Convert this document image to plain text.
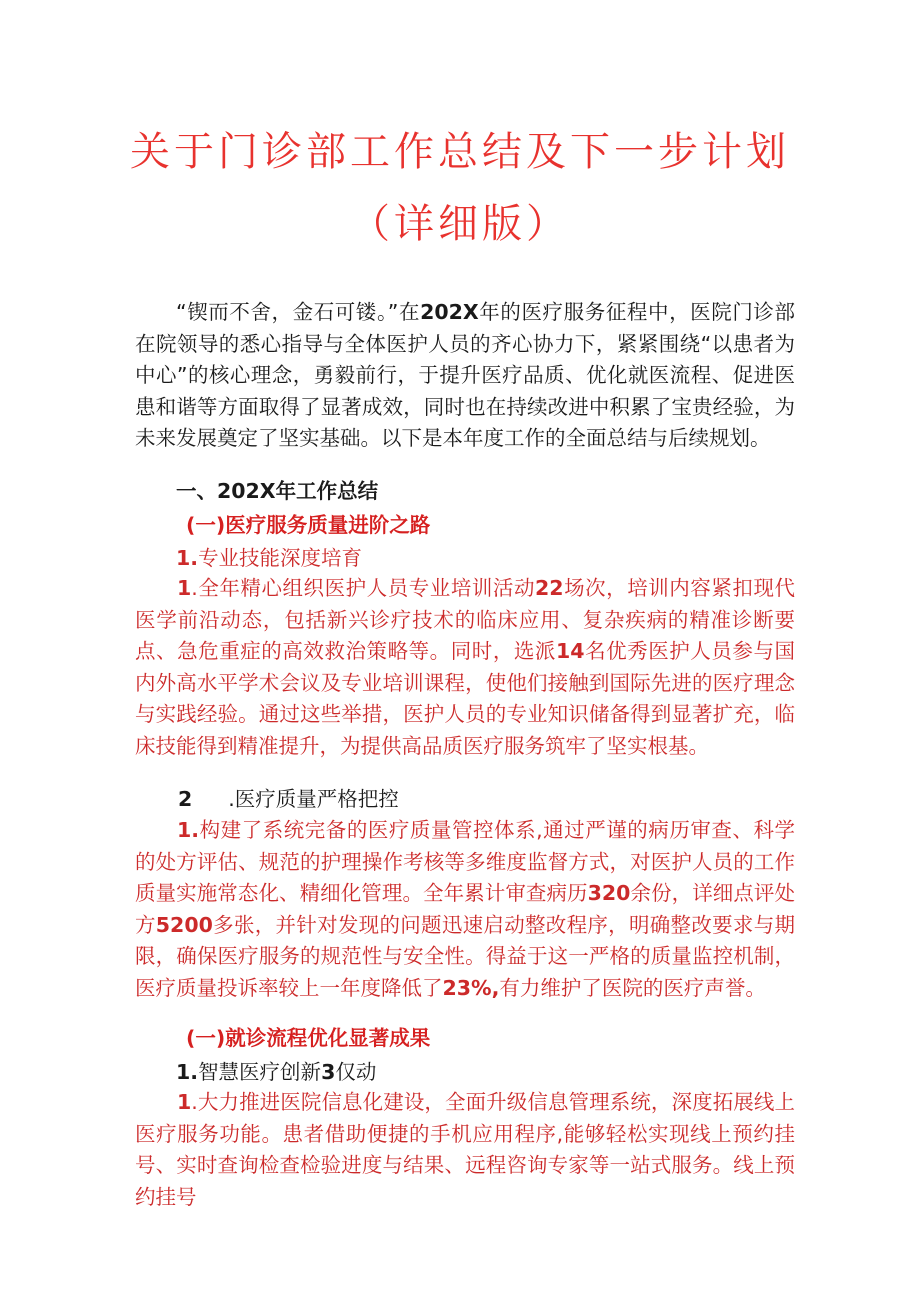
关于门诊部工作总结及下一步计划
（详细版）

“锲而不舍，金石可镂。”在202X年的医疗服务征程中，医院门诊部在院领导的悉心指导与全体医护人员的齐心协力下，紧紧围绕“以患者为中心”的核心理念，勇毅前行，于提升医疗品质、优化就医流程、促进医患和谐等方面取得了显著成效，同时也在持续改进中积累了宝贵经验，为未来发展奠定了坚实基础。以下是本年度工作的全面总结与后续规划。

一、202X年工作总结
(一)医疗服务质量进阶之路
1.专业技能深度培育

1.全年精心组织医护人员专业培训活动22场次，培训内容紧扣现代医学前沿动态，包括新兴诊疗技术的临床应用、复杂疾病的精准诊断要点、急危重症的高效救治策略等。同时，选派14名优秀医护人员参与国内外高水平学术会议及专业培训课程，使他们接触到国际先进的医疗理念与实践经验。通过这些举措，医护人员的专业知识储备得到显著扩充，临床技能得到精准提升，为提供高品质医疗服务筑牢了坚实根基。

2 .医疗质量严格把控

1.构建了系统完备的医疗质量管控体系,通过严谨的病历审查、科学的处方评估、规范的护理操作考核等多维度监督方式，对医护人员的工作质量实施常态化、精细化管理。全年累计审查病历320余份，详细点评处方5200多张，并针对发现的问题迅速启动整改程序，明确整改要求与期限，确保医疗服务的规范性与安全性。得益于这一严格的质量监控机制，医疗质量投诉率较上一年度降低了23%,有力维护了医院的医疗声誉。

(一)就诊流程优化显著成果
1.智慧医疗创新3仅动

1.大力推进医院信息化建设，全面升级信息管理系统，深度拓展线上医疗服务功能。患者借助便捷的手机应用程序,能够轻松实现线上预约挂号、实时查询检查检验进度与结果、远程咨询专家等一站式服务。线上预约挂号
